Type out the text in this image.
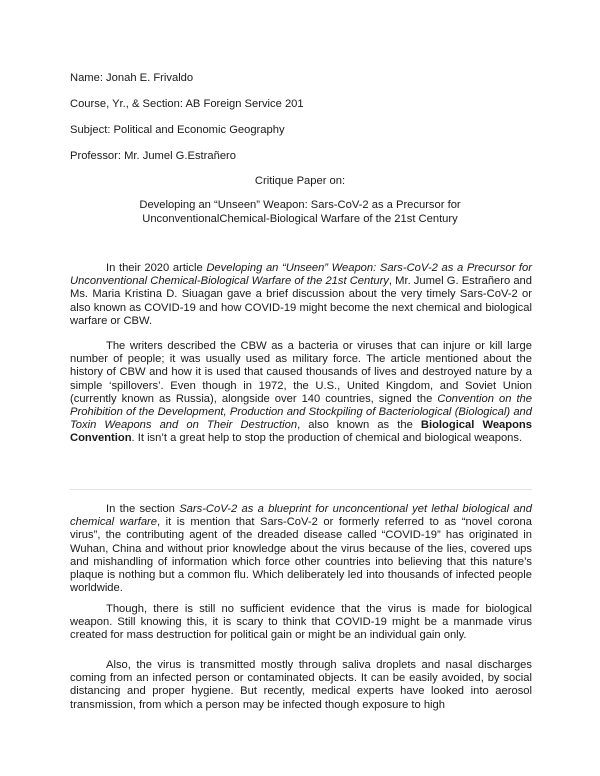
Name: Jonah E. Frivaldo
Course, Yr., & Section: AB Foreign Service 201
Subject: Political and Economic Geography
Professor: Mr. Jumel G.Estrañero
Critique Paper on:
Developing an “Unseen” Weapon: Sars-CoV-2 as a Precursor for
UnconventionalChemical-Biological Warfare of the 21st Century

In their 2020 article Developing an “Unseen” Weapon: Sars-CoV-2 as a Precursor for Unconventional Chemical-Biological Warfare of the 21st Century, Mr. Jumel G. Estrañero and Ms. Maria Kristina D. Siuagan gave a brief discussion about the very timely Sars-CoV-2 or also known as COVID-19 and how COVID-19 might become the next chemical and biological warfare or CBW.

The writers described the CBW as a bacteria or viruses that can injure or kill large number of people; it was usually used as military force. The article mentioned about the history of CBW and how it is used that caused thousands of lives and destroyed nature by a simple ‘spillovers’. Even though in 1972, the U.S., United Kingdom, and Soviet Union (currently known as Russia), alongside over 140 countries, signed the Convention on the Prohibition of the Development, Production and Stockpiling of Bacteriological (Biological) and Toxin Weapons and on Their Destruction, also known as the Biological Weapons Convention. It isn’t a great help to stop the production of chemical and biological weapons.

In the section Sars-CoV-2 as a blueprint for unconcentional yet lethal biological and chemical warfare, it is mention that Sars-CoV-2 or formerly referred to as “novel corona virus”, the contributing agent of the dreaded disease called “COVID-19” has originated in Wuhan, China and without prior knowledge about the virus because of the lies, covered ups and mishandling of information which force other countries into believing that this nature’s plaque is nothing but a common flu. Which deliberately led into thousands of infected people worldwide.

Though, there is still no sufficient evidence that the virus is made for biological weapon. Still knowing this, it is scary to think that COVID-19 might be a manmade virus created for mass destruction for political gain or might be an individual gain only.

Also, the virus is transmitted mostly through saliva droplets and nasal discharges coming from an infected person or contaminated objects. It can be easily avoided, by social distancing and proper hygiene. But recently, medical experts have looked into aerosol transmission, from which a person may be infected though exposure to high
